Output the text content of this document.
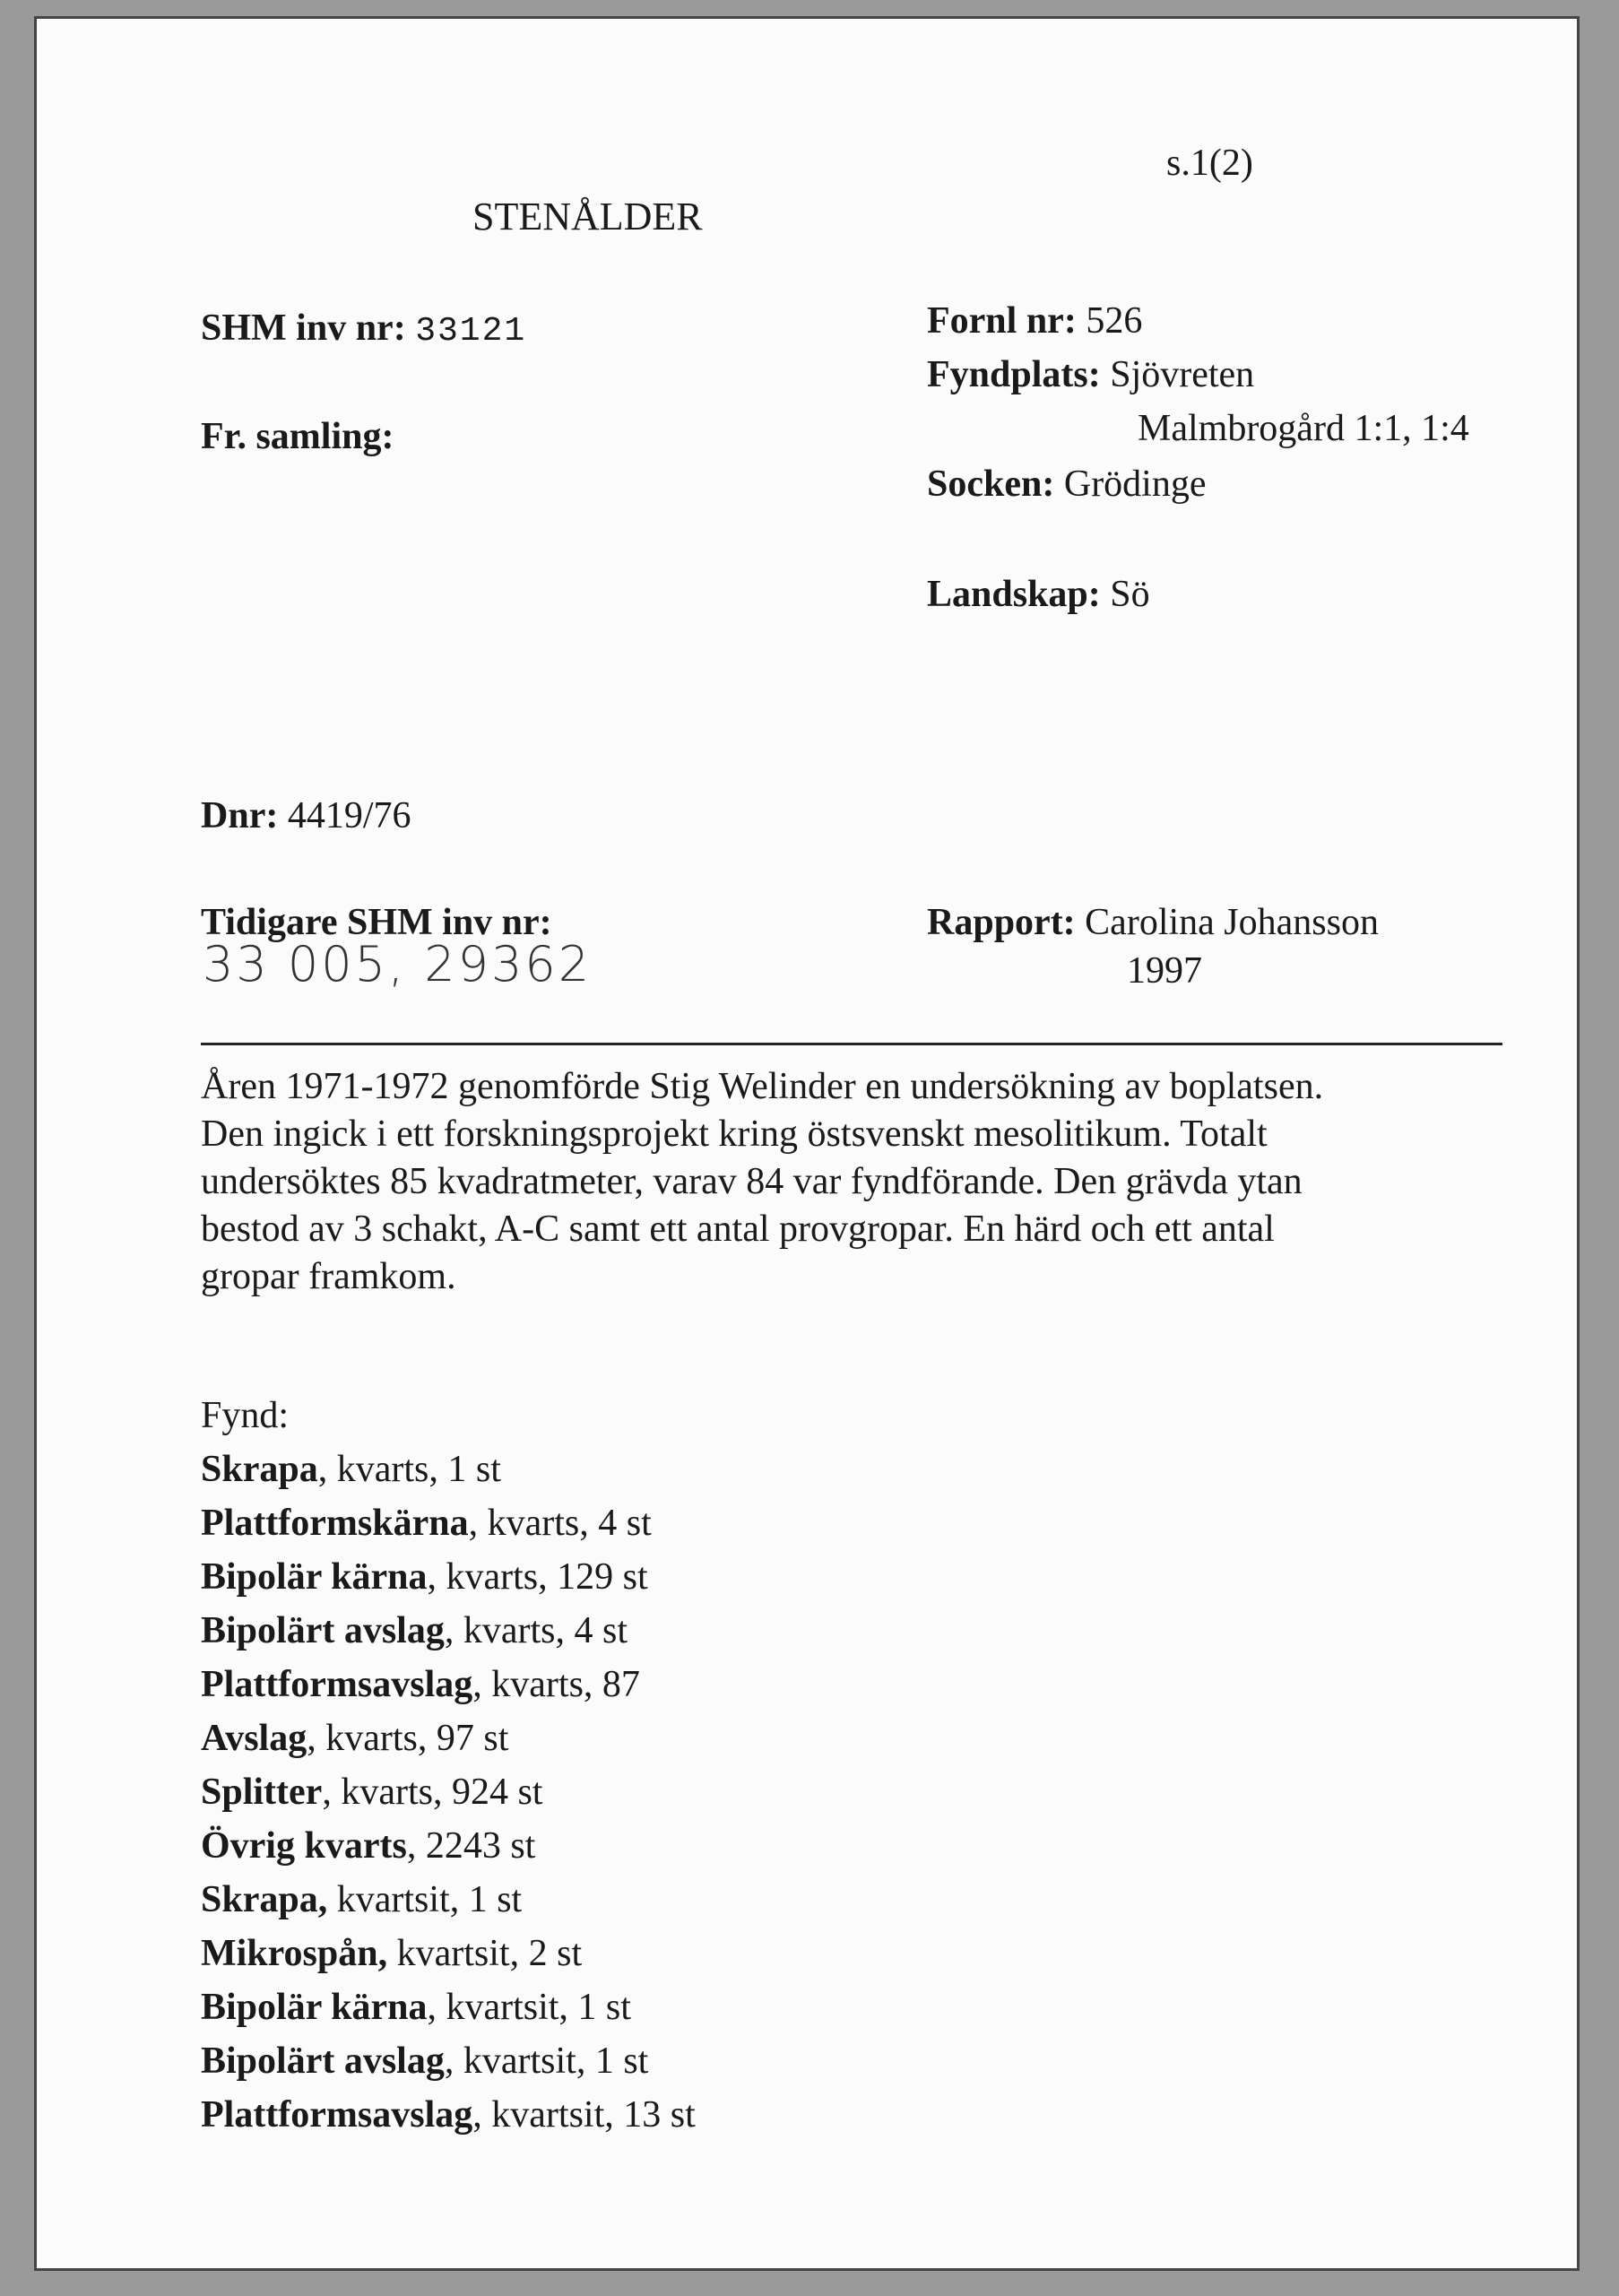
s.1(2)
STENÅLDER
SHM inv nr: 33121
Fr. samling:
Fornl nr: 526
Fyndplats: Sjövreten
Malmbrogård 1:1, 1:4
Socken: Grödinge
Landskap: Sö
Dnr: 4419/76
Tidigare SHM inv nr:
33 005, 29362
Rapport: Carolina Johansson
1997
Åren 1971-1972 genomförde Stig Welinder en undersökning av boplatsen.
Den ingick i ett forskningsprojekt kring östsvenskt mesolitikum. Totalt
undersöktes 85 kvadratmeter, varav 84 var fyndförande. Den grävda ytan
bestod av 3 schakt, A-C samt ett antal provgropar. En härd och ett antal
gropar framkom.
Fynd:
Skrapa, kvarts, 1 st
Plattformskärna, kvarts, 4 st
Bipolär kärna, kvarts, 129 st
Bipolärt avslag, kvarts, 4 st
Plattformsavslag, kvarts, 87
Avslag, kvarts, 97 st
Splitter, kvarts, 924 st
Övrig kvarts, 2243 st
Skrapa, kvartsit, 1 st
Mikrospån, kvartsit, 2 st
Bipolär kärna, kvartsit, 1 st
Bipolärt avslag, kvartsit, 1 st
Plattformsavslag, kvartsit, 13 st
